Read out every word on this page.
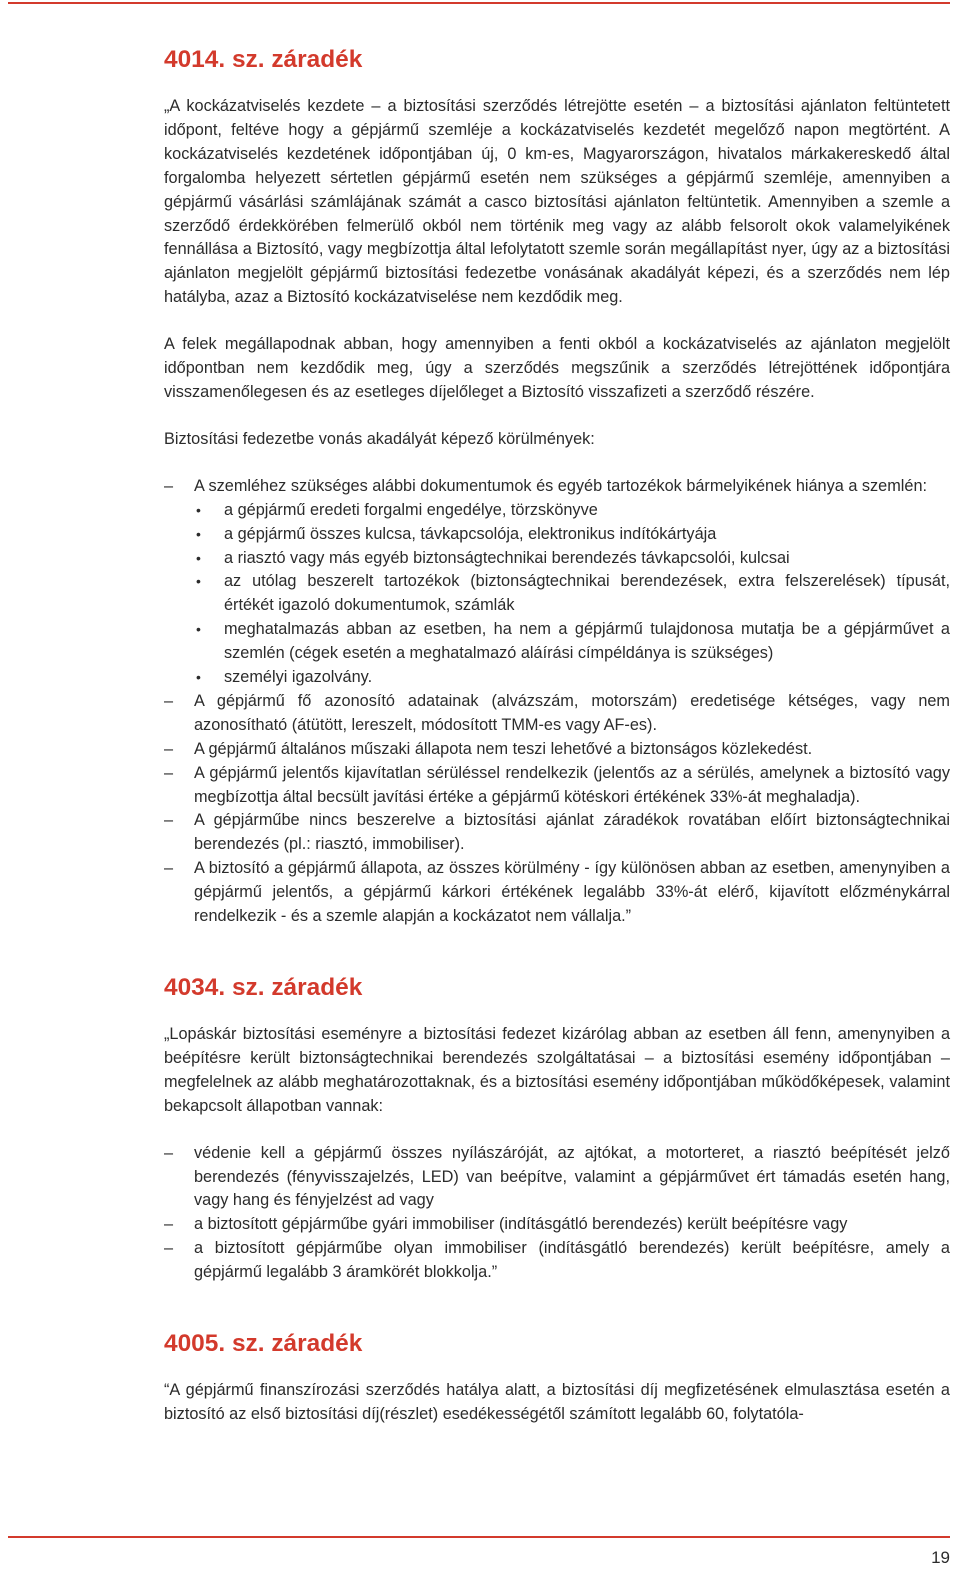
4014. sz. záradék

„A kockázatviselés kezdete – a biztosítási szerződés létrejötte esetén – a biztosítási ajánlaton feltüntetett időpont, feltéve hogy a gépjármű szemléje a kockázatviselés kezdetét megelőző napon megtörtént. A kockázatviselés kezdetének időpontjában új, 0 km-es, Magyarországon, hivatalos márkakereskedő által forgalomba helyezett sértetlen gépjármű esetén nem szükséges a gépjármű szemléje, amennyiben a gépjármű vásárlási számlájának számát a casco biztosítási ajánlaton feltüntetik. Amennyiben a szemle a szerződő érdekkörében felmerülő okból nem történik meg vagy az alább felsorolt okok valamelyikének fennállása a Biztosító, vagy megbízottja által lefolytatott szemle során megállapítást nyer, úgy az a biztosítási ajánlaton megjelölt gépjármű biztosítási fedezetbe vonásának akadályát képezi, és a szerződés nem lép hatályba, azaz a Biztosító kockázatviselése nem kezdődik meg.

A felek megállapodnak abban, hogy amennyiben a fenti okból a kockázatviselés az ajánlaton megjelölt időpontban nem kezdődik meg, úgy a szerződés megszűnik a szerződés létrejöttének időpontjára visszamenőlegesen és az esetleges díjelőleget a Biztosító visszafizeti a szerződő részére.

Biztosítási fedezetbe vonás akadályát képező körülmények:

– A szemléhez szükséges alábbi dokumentumok és egyéb tartozékok bármelyikének hiánya a szemlén:
• a gépjármű eredeti forgalmi engedélye, törzskönyve
• a gépjármű összes kulcsa, távkapcsolója, elektronikus indítókártyája
• a riasztó vagy más egyéb biztonságtechnikai berendezés távkapcsolói, kulcsai
• az utólag beszerelt tartozékok (biztonságtechnikai berendezések, extra felszerelések) típusát, értékét igazoló dokumentumok, számlák
• meghatalmazás abban az esetben, ha nem a gépjármű tulajdonosa mutatja be a gépjárművet a szemlén (cégek esetén a meghatalmazó aláírási címpéldánya is szükséges)
• személyi igazolvány.
– A gépjármű fő azonosító adatainak (alvázszám, motorszám) eredetisége kétséges, vagy nem azonosítható (átütött, lereszelt, módosított TMM-es vagy AF-es).
– A gépjármű általános műszaki állapota nem teszi lehetővé a biztonságos közlekedést.
– A gépjármű jelentős kijavítatlan sérüléssel rendelkezik (jelentős az a sérülés, amelynek a biztosító vagy megbízottja által becsült javítási értéke a gépjármű kötéskori értékének 33%-át meghaladja).
– A gépjárműbe nincs beszerelve a biztosítási ajánlat záradékok rovatában előírt biztonságtechnikai berendezés (pl.: riasztó, immobiliser).
– A biztosító a gépjármű állapota, az összes körülmény - így különösen abban az esetben, amenynyiben a gépjármű jelentős, a gépjármű kárkori értékének legalább 33%-át elérő, kijavított előzménykárral rendelkezik - és a szemle alapján a kockázatot nem vállalja.”
4034. sz. záradék

„Lopáskár biztosítási eseményre a biztosítási fedezet kizárólag abban az esetben áll fenn, amenynyiben a beépítésre került biztonságtechnikai berendezés szolgáltatásai – a biztosítási esemény időpontjában – megfelelnek az alább meghatározottaknak, és a biztosítási esemény időpontjában működőképesek, valamint bekapcsolt állapotban vannak:

– védenie kell a gépjármű összes nyílászáróját, az ajtókat, a motorteret, a riasztó beépítését jelző berendezés (fényvisszajelzés, LED) van beépítve, valamint a gépjárművet ért támadás esetén hang, vagy hang és fényjelzést ad vagy
– a biztosított gépjárműbe gyári immobiliser (indításgátló berendezés) került beépítésre vagy
– a biztosított gépjárműbe olyan immobiliser (indításgátló berendezés) került beépítésre, amely a gépjármű legalább 3 áramkörét blokkolja.”
4005. sz. záradék

“A gépjármű finanszírozási szerződés hatálya alatt, a biztosítási díj megfizetésének elmulasztása esetén a biztosító az első biztosítási díj(részlet) esedékességétől számított legalább 60, folytatóla-

19
